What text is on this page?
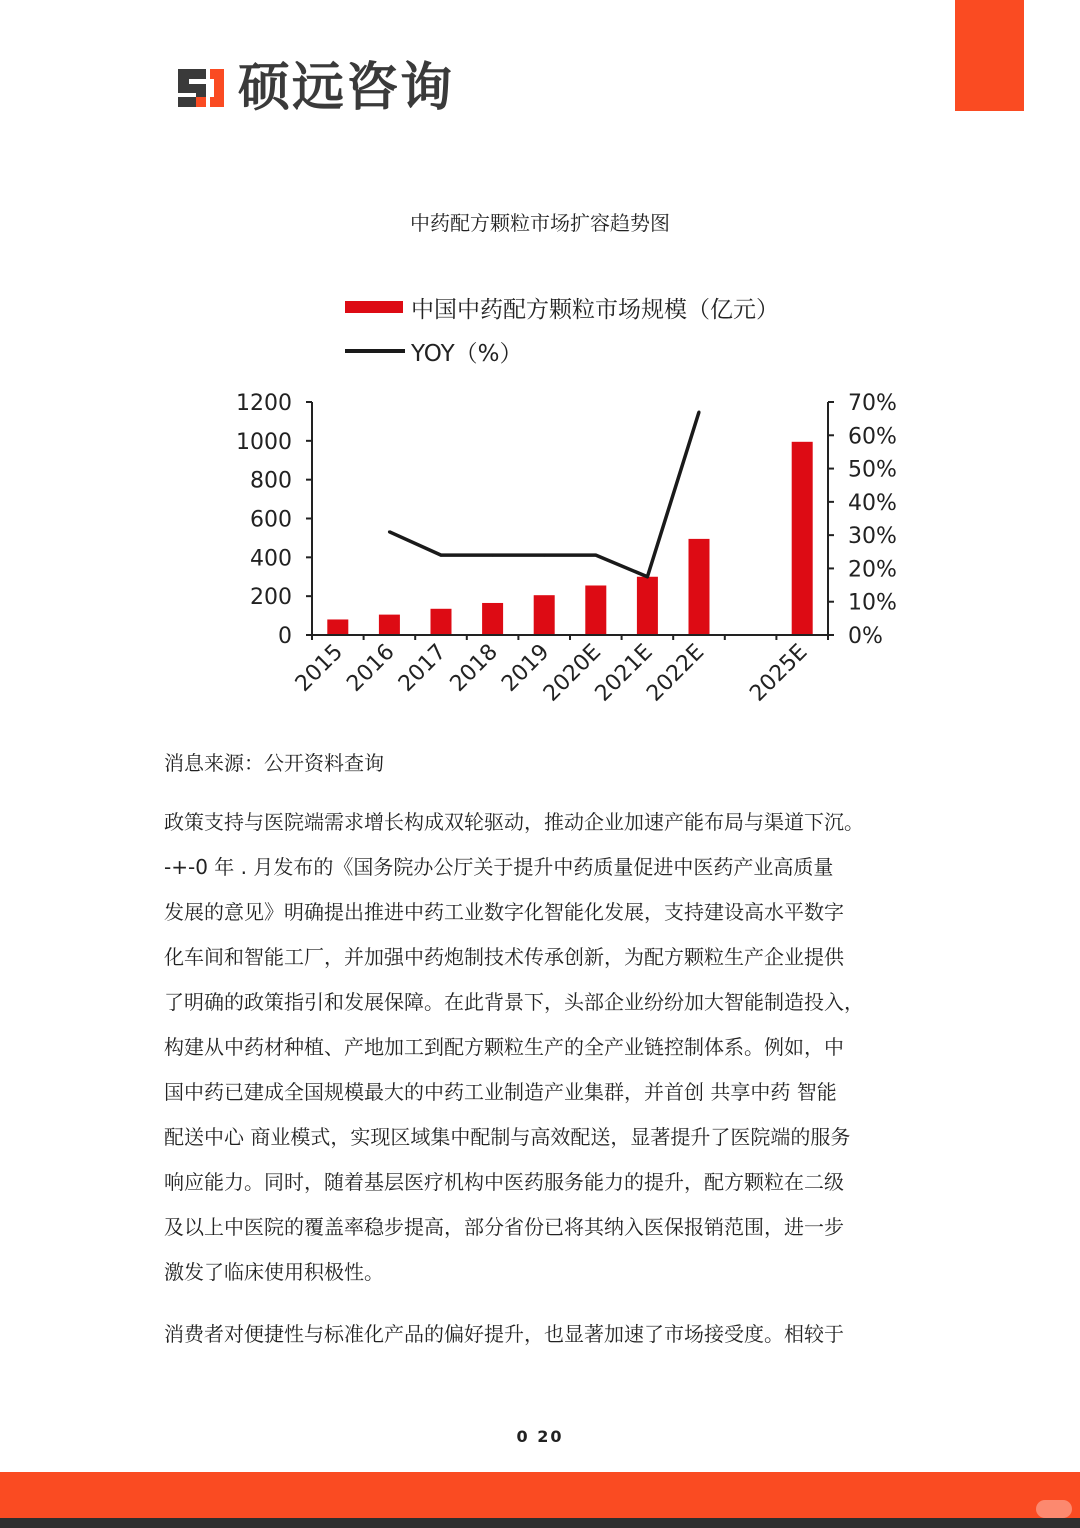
硕远咨询
中药配方颗粒市场扩容趋势图
中国中药配方颗粒市场规模（亿元）
YOY（%）
0
200
400
600
800
1000
1200
0%
10%
20%
30%
40%
50%
60%
70%
2015
2016
2017
2018
2019
2020E
2021E
2022E 2025E
消息来源：公开资料查询

政策支持与医院端需求增长构成双轮驱动，推动企业加速产能布局与渠道下沉。
-+-0 年 . 月发布的《国务院办公厅关于提升中药质量促进中医药产业高质量
发展的意见》明确提出推进中药工业数字化智能化发展，支持建设高水平数字
化车间和智能工厂，并加强中药炮制技术传承创新，为配方颗粒生产企业提供
了明确的政策指引和发展保障。在此背景下，头部企业纷纷加大智能制造投入，
构建从中药材种植、产地加工到配方颗粒生产的全产业链控制体系。例如，中
国中药已建成全国规模最大的中药工业制造产业集群，并首创 共享中药 智能
配送中心 商业模式，实现区域集中配制与高效配送，显著提升了医院端的服务
响应能力。同时，随着基层医疗机构中医药服务能力的提升，配方颗粒在二级
及以上中医院的覆盖率稳步提高，部分省份已将其纳入医保报销范围，进一步
激发了临床使用积极性。

消费者对便捷性与标准化产品的偏好提升，也显著加速了市场接受度。相较于

0 20
